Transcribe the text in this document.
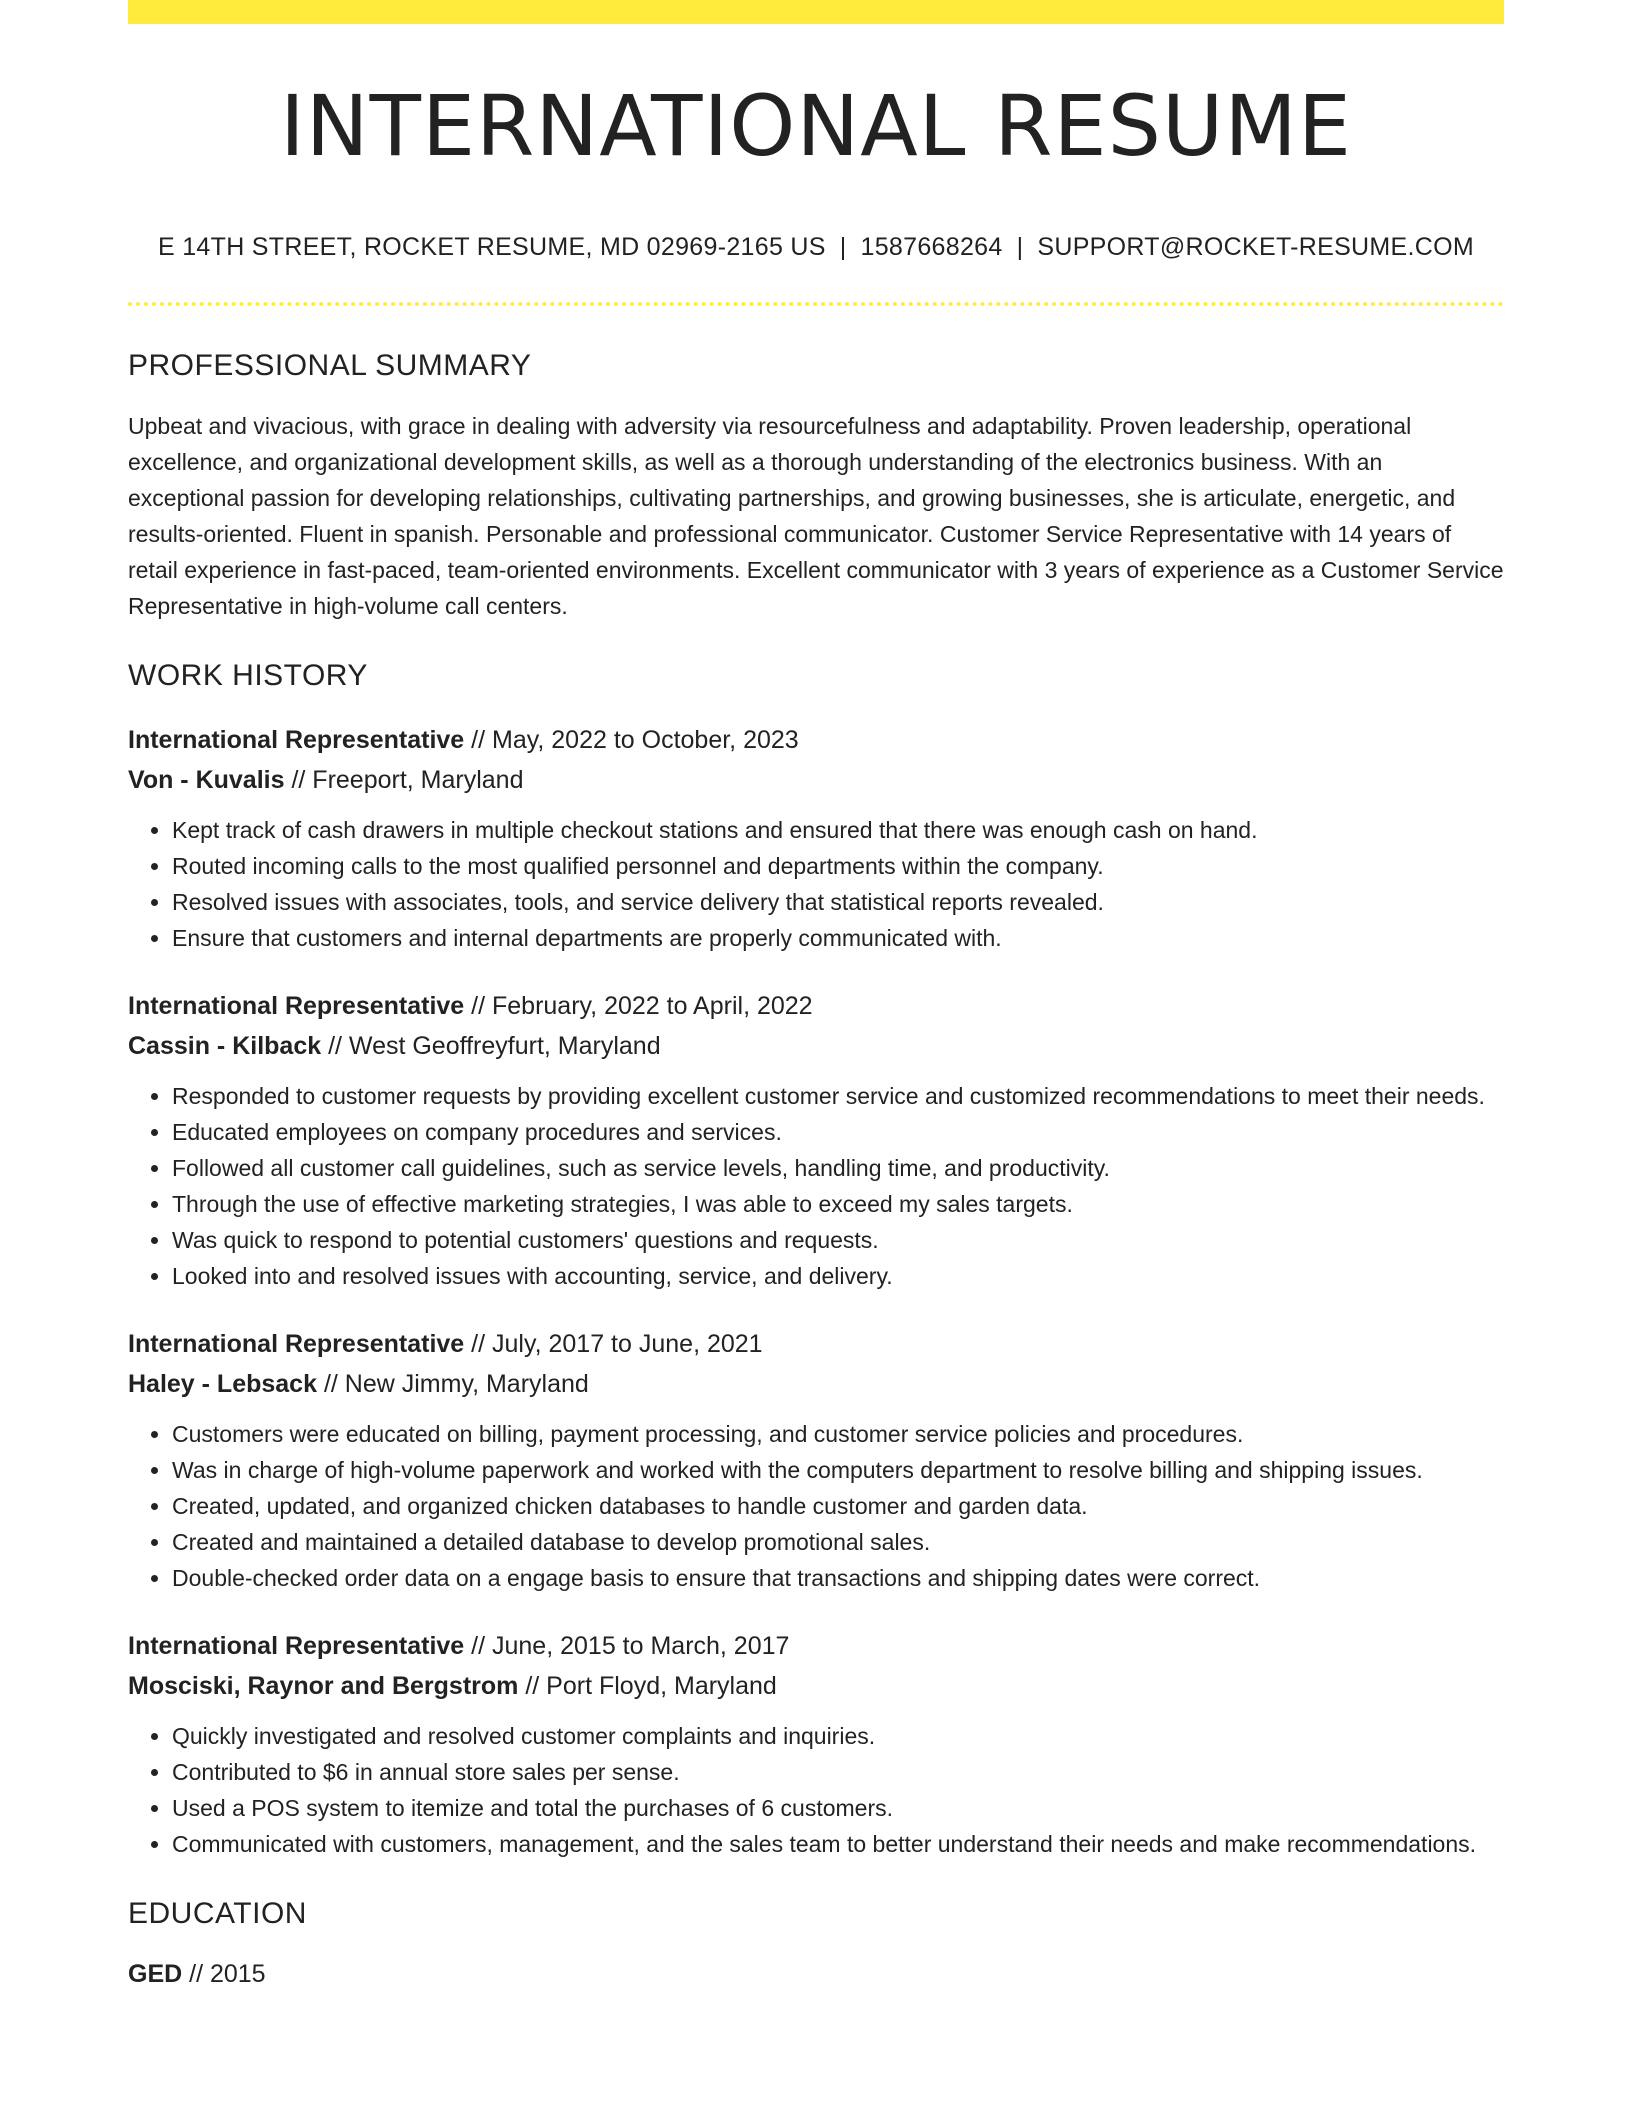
INTERNATIONAL RESUME
E 14TH STREET, ROCKET RESUME, MD 02969-2165 US | 1587668264 | SUPPORT@ROCKET-RESUME.COM
PROFESSIONAL SUMMARY
Upbeat and vivacious, with grace in dealing with adversity via resourcefulness and adaptability. Proven leadership, operational excellence, and organizational development skills, as well as a thorough understanding of the electronics business. With an exceptional passion for developing relationships, cultivating partnerships, and growing businesses, she is articulate, energetic, and results-oriented. Fluent in spanish. Personable and professional communicator. Customer Service Representative with 14 years of retail experience in fast-paced, team-oriented environments. Excellent communicator with 3 years of experience as a Customer Service Representative in high-volume call centers.
WORK HISTORY
International Representative // May, 2022 to October, 2023
Von - Kuvalis // Freeport, Maryland
• Kept track of cash drawers in multiple checkout stations and ensured that there was enough cash on hand.
• Routed incoming calls to the most qualified personnel and departments within the company.
• Resolved issues with associates, tools, and service delivery that statistical reports revealed.
• Ensure that customers and internal departments are properly communicated with.
International Representative // February, 2022 to April, 2022
Cassin - Kilback // West Geoffreyfurt, Maryland
• Responded to customer requests by providing excellent customer service and customized recommendations to meet their needs.
• Educated employees on company procedures and services.
• Followed all customer call guidelines, such as service levels, handling time, and productivity.
• Through the use of effective marketing strategies, I was able to exceed my sales targets.
• Was quick to respond to potential customers' questions and requests.
• Looked into and resolved issues with accounting, service, and delivery.
International Representative // July, 2017 to June, 2021
Haley - Lebsack // New Jimmy, Maryland
• Customers were educated on billing, payment processing, and customer service policies and procedures.
• Was in charge of high-volume paperwork and worked with the computers department to resolve billing and shipping issues.
• Created, updated, and organized chicken databases to handle customer and garden data.
• Created and maintained a detailed database to develop promotional sales.
• Double-checked order data on a engage basis to ensure that transactions and shipping dates were correct.
International Representative // June, 2015 to March, 2017
Mosciski, Raynor and Bergstrom // Port Floyd, Maryland
• Quickly investigated and resolved customer complaints and inquiries.
• Contributed to $6 in annual store sales per sense.
• Used a POS system to itemize and total the purchases of 6 customers.
• Communicated with customers, management, and the sales team to better understand their needs and make recommendations.
EDUCATION
GED // 2015
